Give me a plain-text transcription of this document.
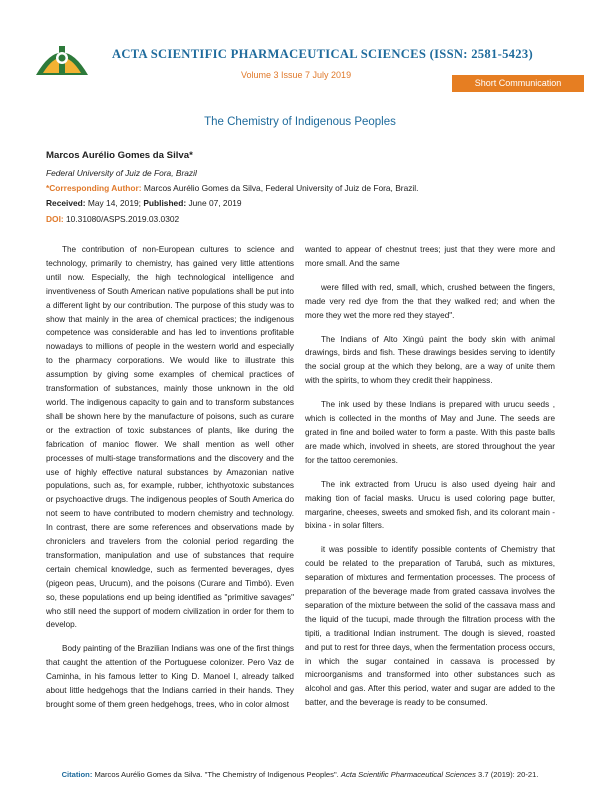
ACTA SCIENTIFIC PHARMACEUTICAL SCIENCES (ISSN: 2581-5423)
Volume 3 Issue 7 July 2019
Short Communication
The Chemistry of Indigenous Peoples
Marcos Aurélio Gomes da Silva*
Federal University of Juiz de Fora, Brazil
*Corresponding Author: Marcos Aurélio Gomes da Silva, Federal University of Juiz de Fora, Brazil.
Received: May 14, 2019; Published: June 07, 2019
DOI: 10.31080/ASPS.2019.03.0302

The contribution of non-European cultures to science and technology, primarily to chemistry, has gained very little attentions until now. Especially, the high technological intelligence and inventiveness of South American native populations shall be put into a different light by our contribution. The purpose of this study was to show that mainly in the area of chemical practices; the indigenous competence was considerable and has led to inventions profitable nowadays to millions of people in the western world and especially to the pharmacy corporations. We would like to illustrate this assumption by giving some examples of chemical practices of transformation of substances, mainly those unknown in the old world. The indigenous capacity to gain and to transform substances shall be shown here by the manufacture of poisons, such as curare or the extraction of toxic substances of plants, like during the fabrication of manioc flower. We shall mention as well other processes of multi-stage transformations and the discovery and the use of highly effective natural substances by Amazonian native populations, such as, for example, rubber, ichthyotoxic substances or psychoactive drugs. The indigenous peoples of South America do not seem to have contributed to modern chemistry and technology. In contrast, there are some references and observations made by chroniclers and travelers from the colonial period regarding the transformation, manipulation and use of substances that require certain chemical knowledge, such as fermented beverages, dyes (pigeon peas, Urucum), and the poisons (Curare and Timbó). Even so, these populations end up being identified as "primitive savages" who still need the support of modern civilization in order for them to develop.

Body painting of the Brazilian Indians was one of the first things that caught the attention of the Portuguese colonizer. Pero Vaz de Caminha, in his famous letter to King D. Manoel I, already talked about little hedgehogs that the Indians carried in their hands. They brought some of them green hedgehogs, trees, who in color almost

wanted to appear of chestnut trees; just that they were more and more small. And the same

were filled with red, small, which, crushed between the fingers, made very red dye from the that they walked red; and when the more they wet the more red they stayed".

The Indians of Alto Xingú paint the body skin with animal drawings, birds and fish. These drawings besides serving to identify the social group at the which they belong, are a way of unite them with the spirits, to whom they credit their happiness.

The ink used by these Indians is prepared with urucu seeds , which is collected in the months of May and June. The seeds are grated in fine and boiled water to form a paste. With this paste balls are made which, involved in sheets, are stored throughout the year for the tattoo ceremonies.

The ink extracted from Urucu is also used dyeing hair and making tion of facial masks. Urucu is used coloring page butter, margarine, cheeses, sweets and smoked fish, and its colorant main - bixina - in solar filters.

it was possible to identify possible contents of Chemistry that could be related to the preparation of Tarubá, such as mixtures, separation of mixtures and fermentation processes. The process of preparation of the beverage made from grated cassava involves the separation of the mixture between the solid of the cassava mass and the liquid of the tucupi, made through the filtration process with the tipiti, a traditional Indian instrument. The dough is sieved, roasted and put to rest for three days, when the fermentation process occurs, in which the sugar contained in cassava is processed by microorganisms and transformed into other substances such as alcohol and gas. After this period, water and sugar are added to the batter, and the beverage is ready to be consumed.

Citation: Marcos Aurélio Gomes da Silva. "The Chemistry of Indigenous Peoples". Acta Scientific Pharmaceutical Sciences 3.7 (2019): 20-21.
